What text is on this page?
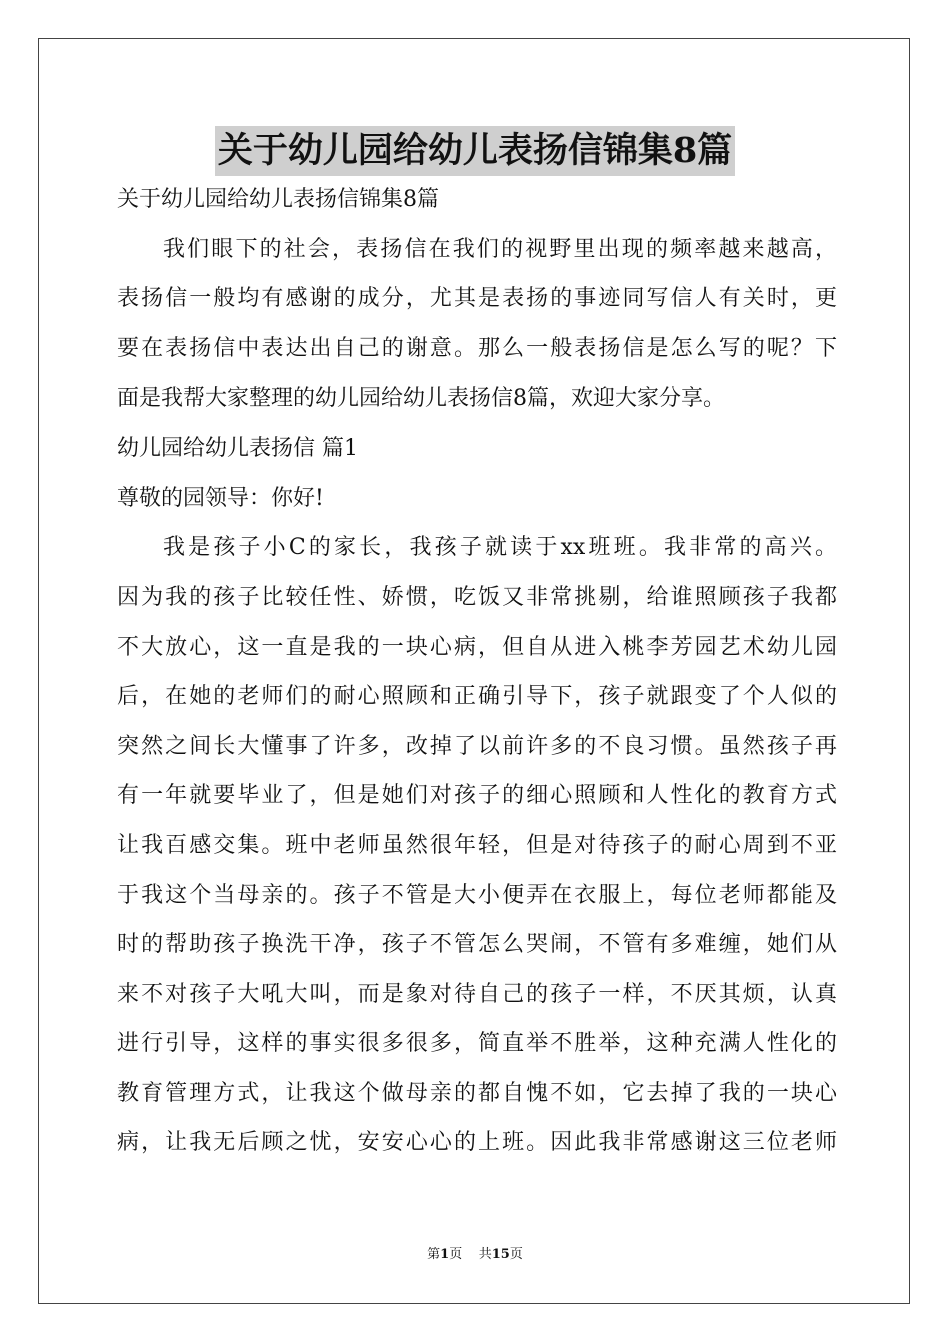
关于幼儿园给幼儿表扬信锦集8篇
关于幼儿园给幼儿表扬信锦集8篇
我们眼下的社会，表扬信在我们的视野里出现的频率越来越高，
表扬信一般均有感谢的成分，尤其是表扬的事迹同写信人有关时，更
要在表扬信中表达出自己的谢意。那么一般表扬信是怎么写的呢？下
面是我帮大家整理的幼儿园给幼儿表扬信8篇，欢迎大家分享。
幼儿园给幼儿表扬信 篇1
尊敬的园领导：你好!
我是孩子小C的家长，我孩子就读于xx班班。我非常的高兴。
因为我的孩子比较任性、娇惯，吃饭又非常挑剔，给谁照顾孩子我都
不大放心，这一直是我的一块心病，但自从进入桃李芳园艺术幼儿园
后，在她的老师们的耐心照顾和正确引导下，孩子就跟变了个人似的
突然之间长大懂事了许多，改掉了以前许多的不良习惯。虽然孩子再
有一年就要毕业了，但是她们对孩子的细心照顾和人性化的教育方式
让我百感交集。班中老师虽然很年轻，但是对待孩子的耐心周到不亚
于我这个当母亲的。孩子不管是大小便弄在衣服上，每位老师都能及
时的帮助孩子换洗干净，孩子不管怎么哭闹，不管有多难缠，她们从
来不对孩子大吼大叫，而是象对待自己的孩子一样，不厌其烦，认真
进行引导，这样的事实很多很多，简直举不胜举，这种充满人性化的
教育管理方式，让我这个做母亲的都自愧不如，它去掉了我的一块心
病，让我无后顾之忧，安安心心的上班。因此我非常感谢这三位老师
第1页 共15页
